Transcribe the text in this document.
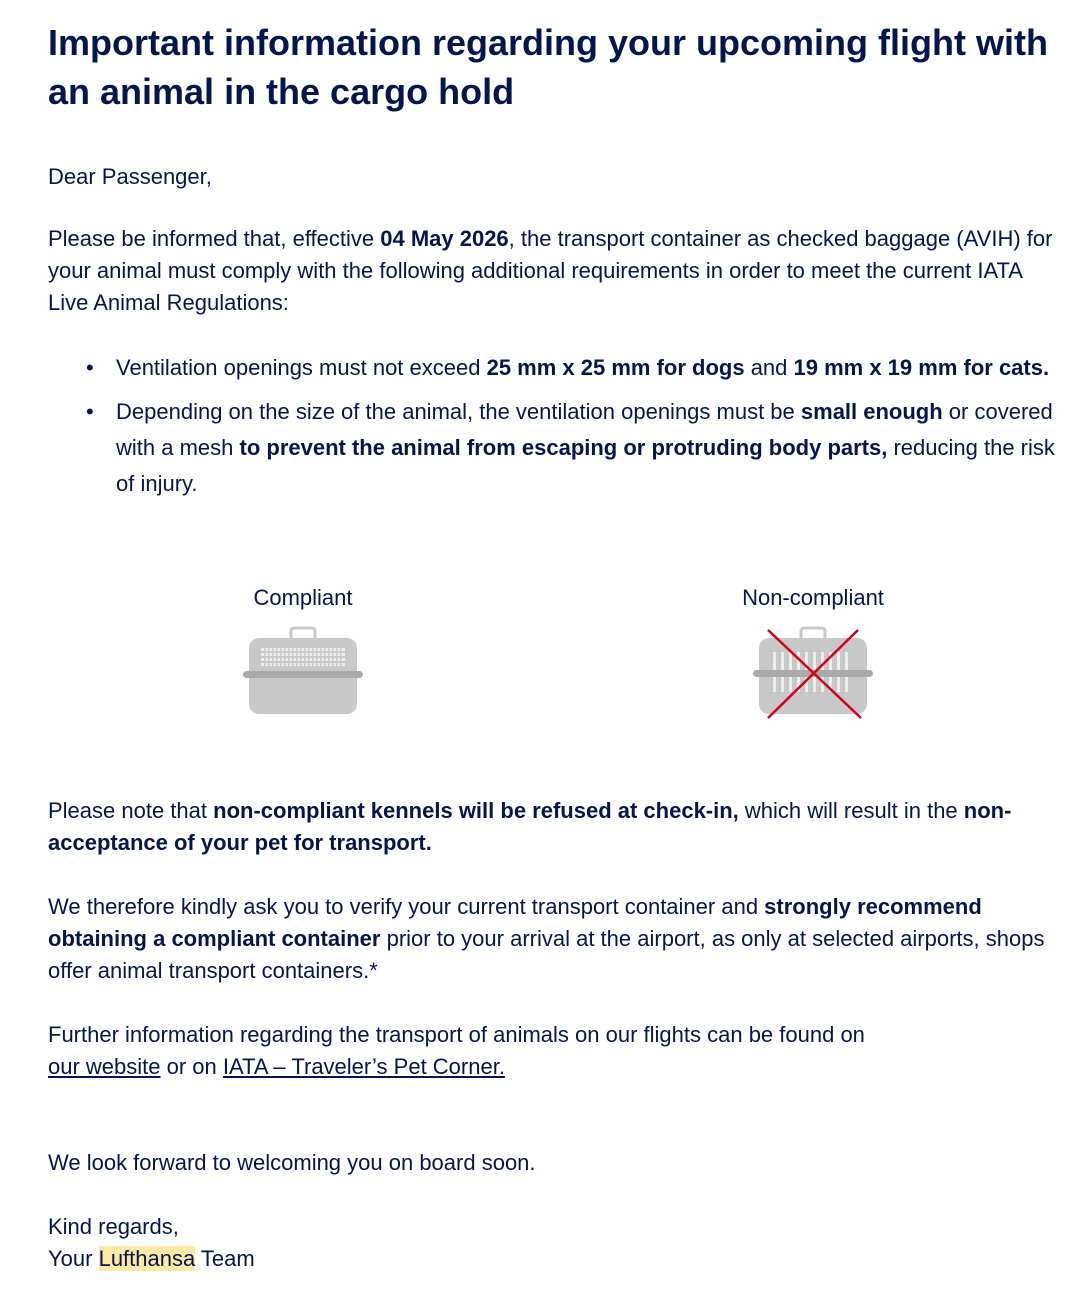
Important information regarding your upcoming flight with an animal in the cargo hold

Dear Passenger,

Please be informed that, effective 04 May 2026, the transport container as checked baggage (AVIH) for your animal must comply with the following additional requirements in order to meet the current IATA Live Animal Regulations:

• Ventilation openings must not exceed 25 mm x 25 mm for dogs and 19 mm x 19 mm for cats.
• Depending on the size of the animal, the ventilation openings must be small enough or covered with a mesh to prevent the animal from escaping or protruding body parts, reducing the risk of injury.
Compliant	Non-compliant

Please note that non-compliant kennels will be refused at check-in, which will result in the non-acceptance of your pet for transport.

We therefore kindly ask you to verify your current transport container and strongly recommend obtaining a compliant container prior to your arrival at the airport, as only at selected airports, shops offer animal transport containers.*

Further information regarding the transport of animals on our flights can be found on
our website or on IATA – Traveler’s Pet Corner.

We look forward to welcoming you on board soon.

Kind regards,

Your Lufthansa Team
